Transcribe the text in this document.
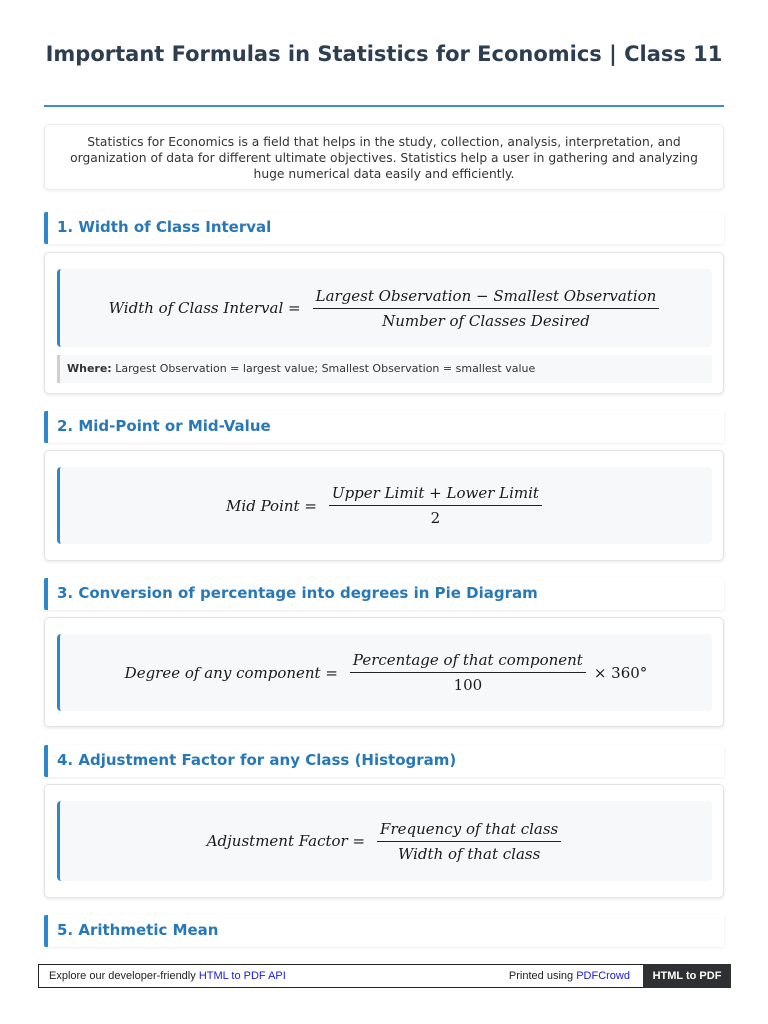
Important Formulas in Statistics for Economics | Class 11
Statistics for Economics is a field that helps in the study, collection, analysis, interpretation, and organization of data for different ultimate objectives. Statistics help a user in gathering and analyzing huge numerical data easily and efficiently.
1. Width of Class Interval
Width of Class Interval = $\frac{\text{Largest Observation − Smallest Observation}}{\text{Number of Classes Desired}}$
Where: Largest Observation = largest value; Smallest Observation = smallest value
2. Mid-Point or Mid-Value
Mid Point = $\frac{\text{Upper Limit + Lower Limit}}{2}$
3. Conversion of percentage into degrees in Pie Diagram
Degree of any component = $\frac{\text{Percentage of that component}}{100} \times 360^\circ$
4. Adjustment Factor for any Class (Histogram)
Adjustment Factor = $\frac{\text{Frequency of that class}}{\text{Width of that class}}$
5. Arithmetic Mean
Explore our developer-friendly HTML to PDF API	Printed using PDFCrowd	HTML to PDF
